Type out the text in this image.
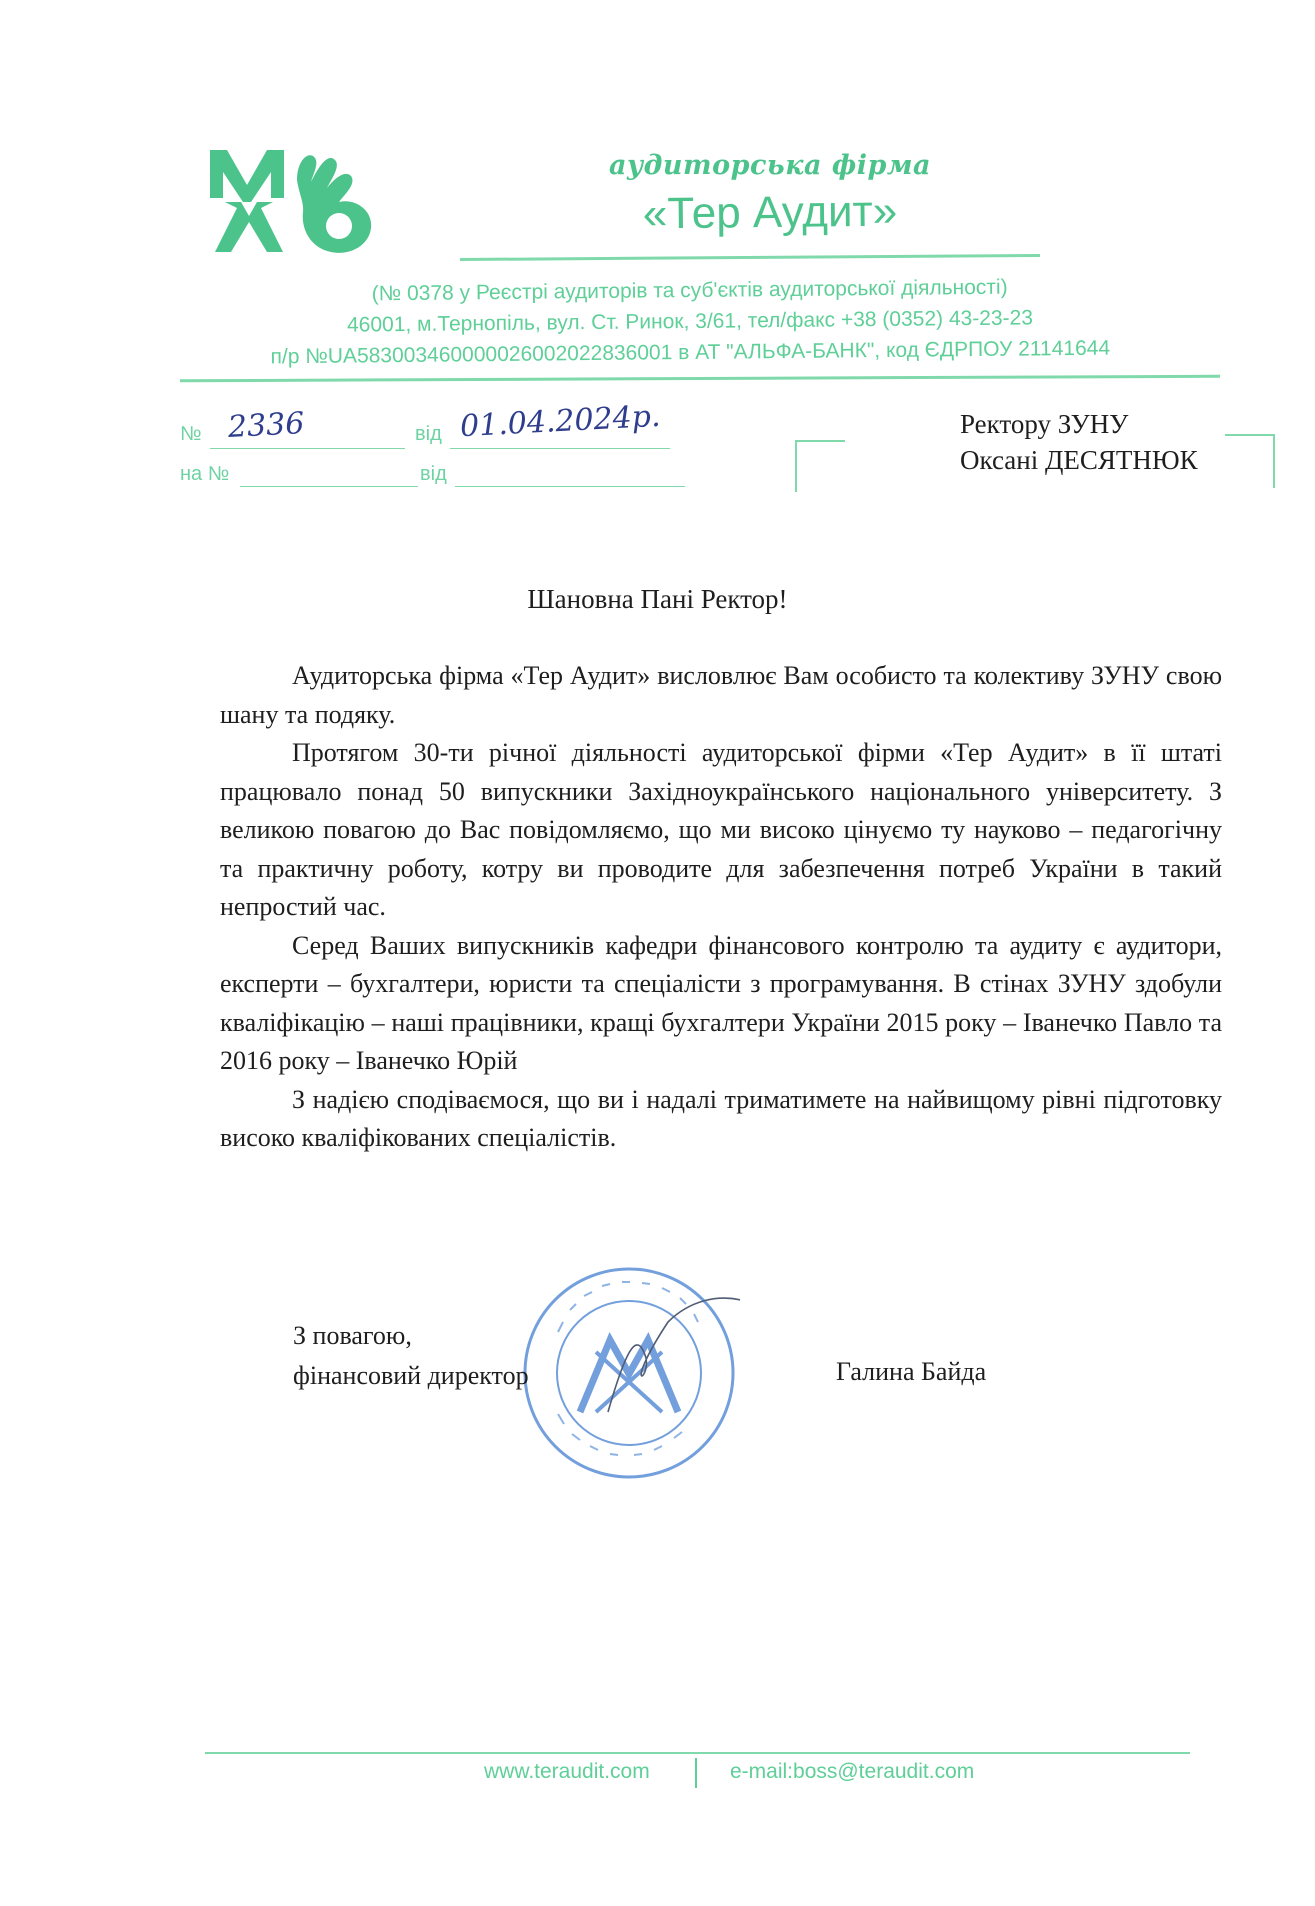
аудиторська фірма
«Тер Аудит»
(№ 0378 у Реєстрі аудиторів та суб'єктів аудиторської діяльності)
46001, м.Тернопіль, вул. Ст. Ринок, 3/61, тел/факс +38 (0352) 43-23-23
п/р №UA583003460000026002022836001 в АТ "АЛЬФА-БАНК", код ЄДРПОУ 21141644
№ 2336	від 01.04.2024р.
на №	від
Ректору ЗУНУ
Оксані ДЕСЯТНЮК
Шановна Пані Ректор!

Аудиторська фірма «Тер Аудит» висловлює Вам особисто та колективу ЗУНУ свою шану та подяку.

Протягом 30-ти річної діяльності аудиторської фірми «Тер Аудит» в її штаті працювало понад 50 випускники Західноукраїнського національного університету. З великою повагою до Вас повідомляємо, що ми високо цінуємо ту науково – педагогічну та практичну роботу, котру ви проводите для забезпечення потреб України в такий непростий час.

Серед Ваших випускників кафедри фінансового контролю та аудиту є аудитори, експерти – бухгалтери, юристи та спеціалісти з програмування. В стінах ЗУНУ здобули кваліфікацію – наші працівники, кращі бухгалтери України 2015 року – Іванечко Павло та 2016 року – Іванечко Юрій

З надією сподіваємося, що ви і надалі триматимете на найвищому рівні підготовку високо кваліфікованих спеціалістів.

З повагою,
фінансовий директор	Галина Байда
www.teraudit.com	e-mail:boss@teraudit.com
